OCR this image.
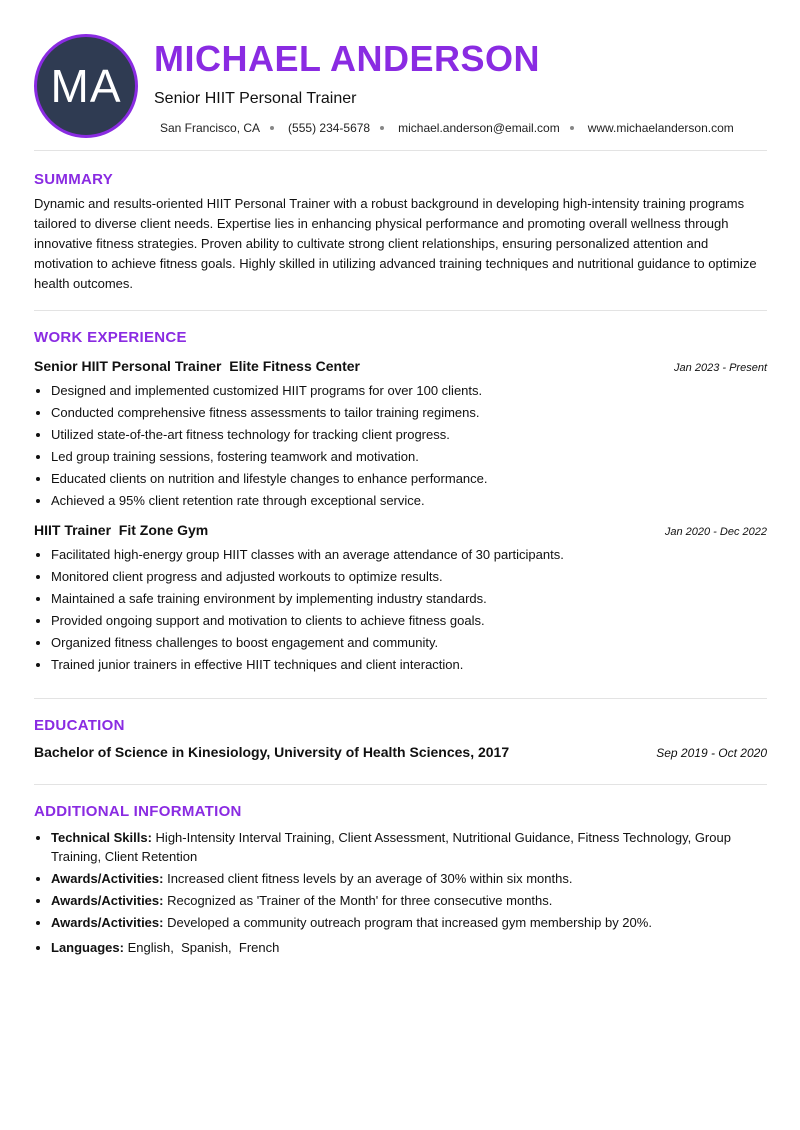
MA
MICHAEL ANDERSON
Senior HIIT Personal Trainer
San Francisco, CA (555) 234-5678 michael.anderson@email.com www.michaelanderson.com
SUMMARY

Dynamic and results-oriented HIIT Personal Trainer with a robust background in developing high-intensity training programs tailored to diverse client needs. Expertise lies in enhancing physical performance and promoting overall wellness through innovative fitness strategies. Proven ability to cultivate strong client relationships, ensuring personalized attention and motivation to achieve fitness goals. Highly skilled in utilizing advanced training techniques and nutritional guidance to optimize health outcomes.

WORK EXPERIENCE
Senior HIIT Personal Trainer  Elite Fitness Center	Jan 2023 - Present
• Designed and implemented customized HIIT programs for over 100 clients.
• Conducted comprehensive fitness assessments to tailor training regimens.
• Utilized state-of-the-art fitness technology for tracking client progress.
• Led group training sessions, fostering teamwork and motivation.
• Educated clients on nutrition and lifestyle changes to enhance performance.
• Achieved a 95% client retention rate through exceptional service.
HIIT Trainer  Fit Zone Gym	Jan 2020 - Dec 2022
• Facilitated high-energy group HIIT classes with an average attendance of 30 participants.
• Monitored client progress and adjusted workouts to optimize results.
• Maintained a safe training environment by implementing industry standards.
• Provided ongoing support and motivation to clients to achieve fitness goals.
• Organized fitness challenges to boost engagement and community.
• Trained junior trainers in effective HIIT techniques and client interaction.
EDUCATION
Bachelor of Science in Kinesiology, University of Health Sciences, 2017	Sep 2019 - Oct 2020
ADDITIONAL INFORMATION
• Technical Skills: High-Intensity Interval Training, Client Assessment, Nutritional Guidance, Fitness Technology, Group Training, Client Retention
• Awards/Activities: Increased client fitness levels by an average of 30% within six months.
• Awards/Activities: Recognized as 'Trainer of the Month' for three consecutive months.
• Awards/Activities: Developed a community outreach program that increased gym membership by 20%.
• Languages: English,  Spanish,  French
